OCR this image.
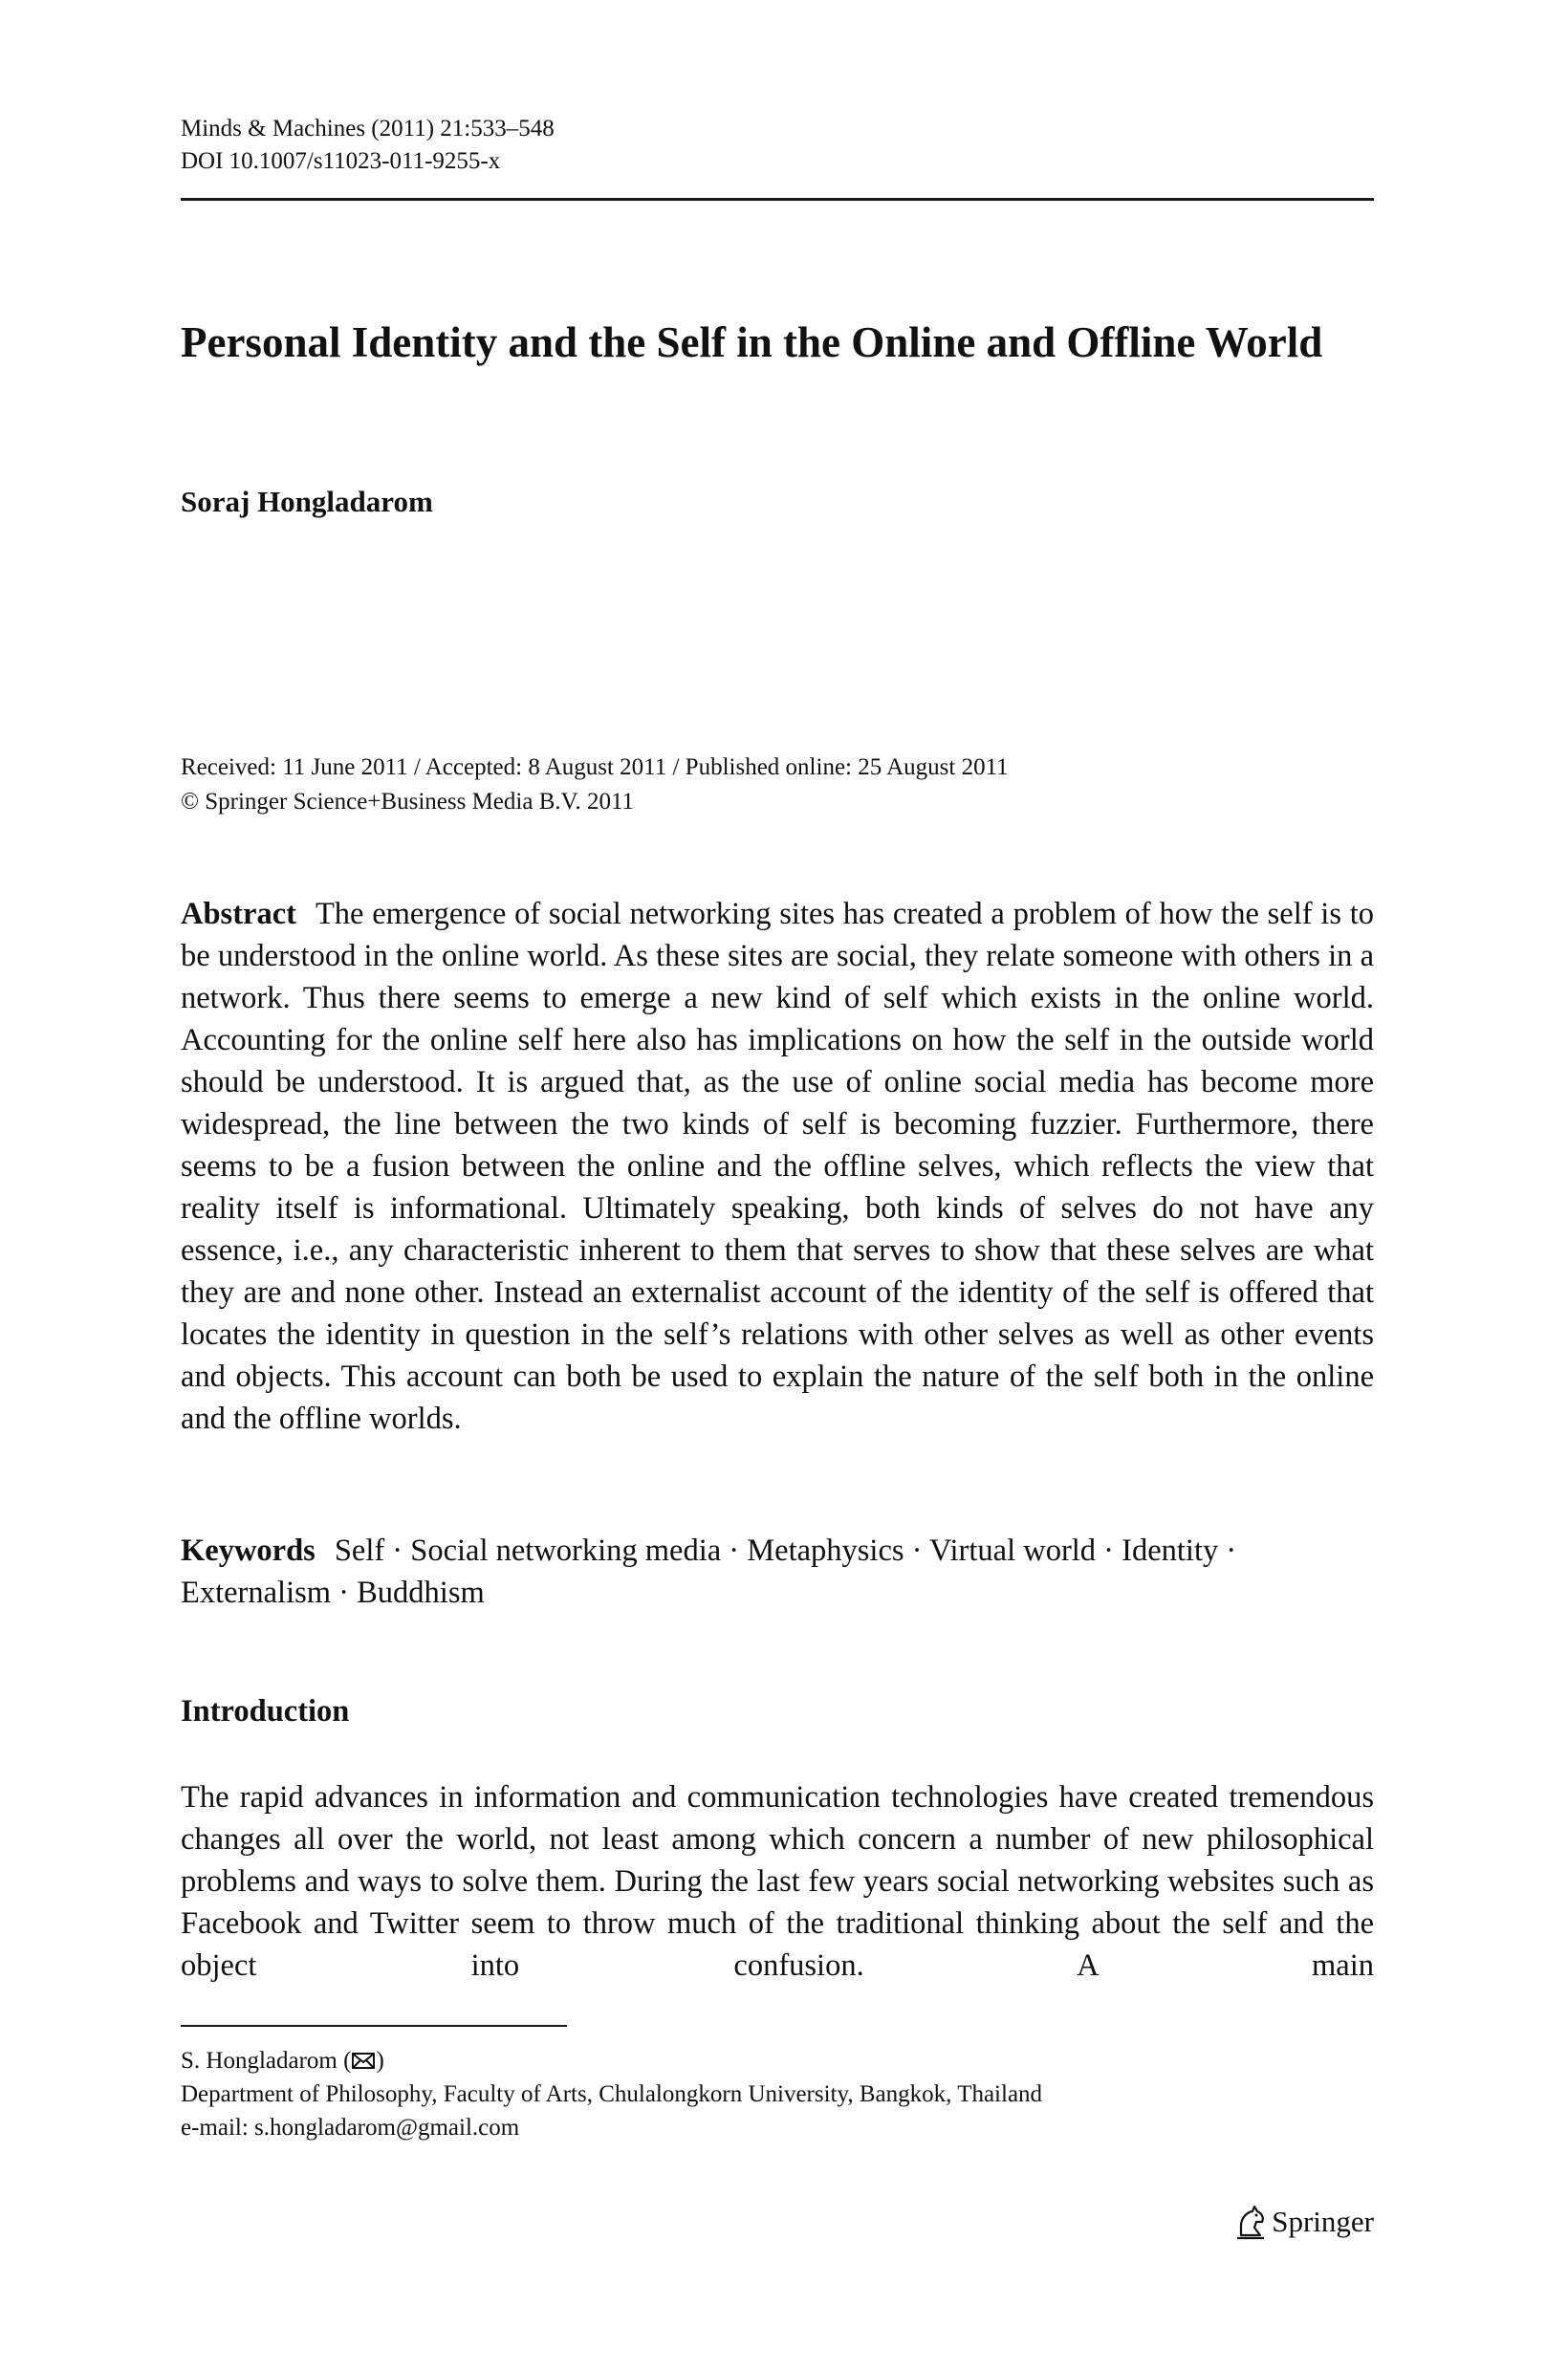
Minds & Machines (2011) 21:533–548
DOI 10.1007/s11023-011-9255-x
Personal Identity and the Self in the Online and Offline World
Soraj Hongladarom
Received: 11 June 2011 / Accepted: 8 August 2011 / Published online: 25 August 2011
© Springer Science+Business Media B.V. 2011

Abstract The emergence of social networking sites has created a problem of how the self is to be understood in the online world. As these sites are social, they relate someone with others in a network. Thus there seems to emerge a new kind of self which exists in the online world. Accounting for the online self here also has implications on how the self in the outside world should be understood. It is argued that, as the use of online social media has become more widespread, the line between the two kinds of self is becoming fuzzier. Furthermore, there seems to be a fusion between the online and the offline selves, which reflects the view that reality itself is informational. Ultimately speaking, both kinds of selves do not have any essence, i.e., any characteristic inherent to them that serves to show that these selves are what they are and none other. Instead an externalist account of the identity of the self is offered that locates the identity in question in the self’s relations with other selves as well as other events and objects. This account can both be used to explain the nature of the self both in the online and the offline worlds.

Keywords Self · Social networking media · Metaphysics · Virtual world · Identity · Externalism · Buddhism

Introduction

The rapid advances in information and communication technologies have created tremendous changes all over the world, not least among which concern a number of new philosophical problems and ways to solve them. During the last few years social networking websites such as Facebook and Twitter seem to throw much of the traditional thinking about the self and the object into confusion. A main

S. Hongladarom ( )
Department of Philosophy, Faculty of Arts, Chulalongkorn University, Bangkok, Thailand
e-mail: s.hongladarom@gmail.com
Springer
